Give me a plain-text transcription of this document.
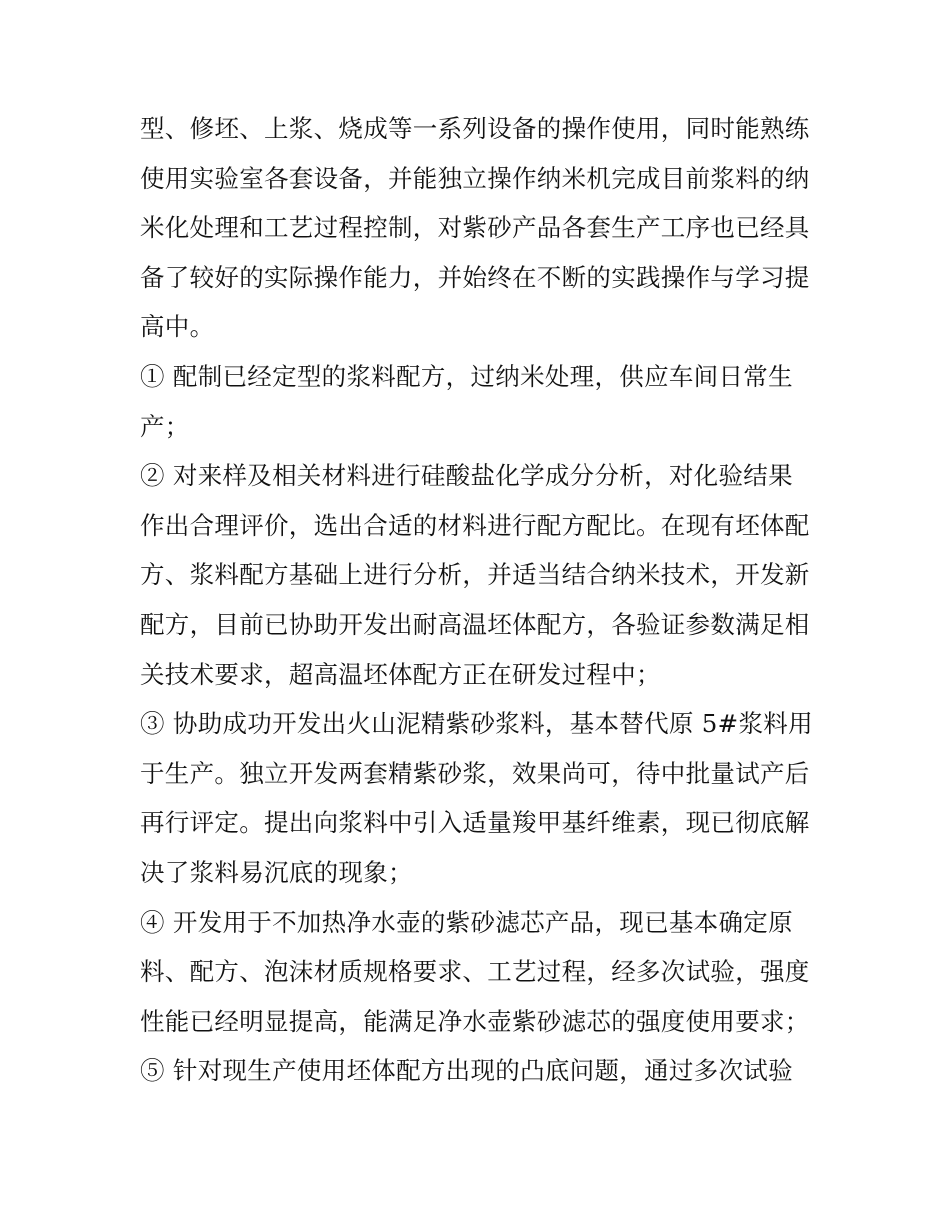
型、修坯、上浆、烧成等一系列设备的操作使用，同时能熟练
使用实验室各套设备，并能独立操作纳米机完成目前浆料的纳
米化处理和工艺过程控制，对紫砂产品各套生产工序也已经具
备了较好的实际操作能力，并始终在不断的实践操作与学习提
高中。
① 配制已经定型的浆料配方，过纳米处理，供应车间日常生
产；
② 对来样及相关材料进行硅酸盐化学成分分析，对化验结果
作出合理评价，选出合适的材料进行配方配比。在现有坯体配
方、浆料配方基础上进行分析，并适当结合纳米技术，开发新
配方，目前已协助开发出耐高温坯体配方，各验证参数满足相
关技术要求，超高温坯体配方正在研发过程中；
③ 协助成功开发出火山泥精紫砂浆料，基本替代原 5#浆料用
于生产。独立开发两套精紫砂浆，效果尚可，待中批量试产后
再行评定。提出向浆料中引入适量羧甲基纤维素，现已彻底解
决了浆料易沉底的现象；
④ 开发用于不加热净水壶的紫砂滤芯产品，现已基本确定原
料、配方、泡沫材质规格要求、工艺过程，经多次试验，强度
性能已经明显提高，能满足净水壶紫砂滤芯的强度使用要求；
⑤ 针对现生产使用坯体配方出现的凸底问题，通过多次试验
